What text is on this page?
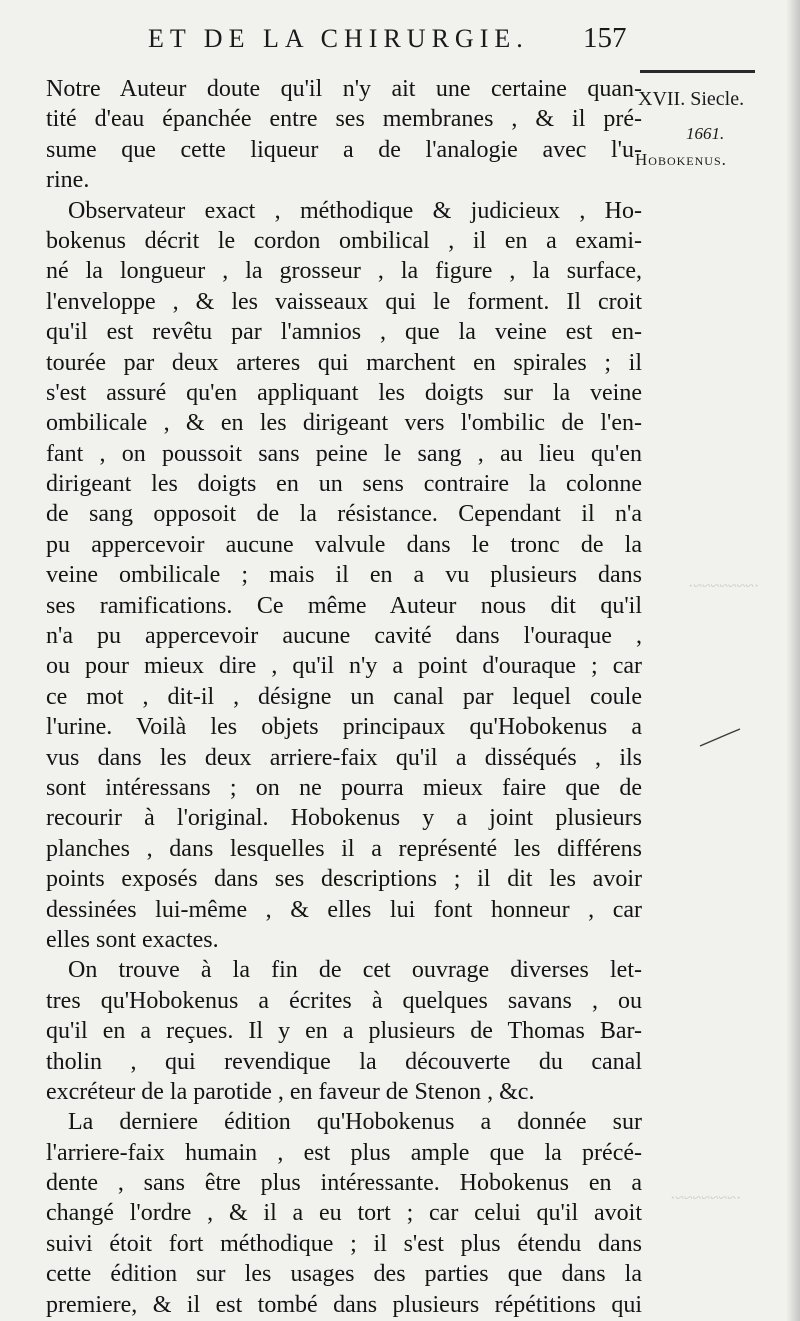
ET DE LA CHIRURGIE. 157
XVII. Siecle.
1661.
Hobokenus.
·~~~~~~~·
·~~~~~~~·
Notre Auteur doute qu'il n'y ait une certaine quan-
tité d'eau épanchée entre ses membranes , & il pré-
sume que cette liqueur a de l'analogie avec l'u-
rine.
Observateur exact , méthodique & judicieux , Ho-
bokenus décrit le cordon ombilical , il en a exami-
né la longueur , la grosseur , la figure , la surface,
l'enveloppe , & les vaisseaux qui le forment. Il croit
qu'il est revêtu par l'amnios , que la veine est en-
tourée par deux arteres qui marchent en spirales ; il
s'est assuré qu'en appliquant les doigts sur la veine
ombilicale , & en les dirigeant vers l'ombilic de l'en-
fant , on poussoit sans peine le sang , au lieu qu'en
dirigeant les doigts en un sens contraire la colonne
de sang opposoit de la résistance. Cependant il n'a
pu appercevoir aucune valvule dans le tronc de la
veine ombilicale ; mais il en a vu plusieurs dans
ses ramifications. Ce même Auteur nous dit qu'il
n'a pu appercevoir aucune cavité dans l'ouraque ,
ou pour mieux dire , qu'il n'y a point d'ouraque ; car
ce mot , dit-il , désigne un canal par lequel coule
l'urine. Voilà les objets principaux qu'Hobokenus a
vus dans les deux arriere-faix qu'il a disséqués , ils
sont intéressans ; on ne pourra mieux faire que de
recourir à l'original. Hobokenus y a joint plusieurs
planches , dans lesquelles il a représenté les différens
points exposés dans ses descriptions ; il dit les avoir
dessinées lui-même , & elles lui font honneur , car
elles sont exactes.
On trouve à la fin de cet ouvrage diverses let-
tres qu'Hobokenus a écrites à quelques savans , ou
qu'il en a reçues. Il y en a plusieurs de Thomas Bar-
tholin , qui revendique la découverte du canal
excréteur de la parotide , en faveur de Stenon , &c.
La derniere édition qu'Hobokenus a donnée sur
l'arriere-faix humain , est plus ample que la précé-
dente , sans être plus intéressante. Hobokenus en a
changé l'ordre , & il a eu tort ; car celui qu'il avoit
suivi étoit fort méthodique ; il s'est plus étendu dans
cette édition sur les usages des parties que dans la
premiere, & il est tombé dans plusieurs répétitions qui
